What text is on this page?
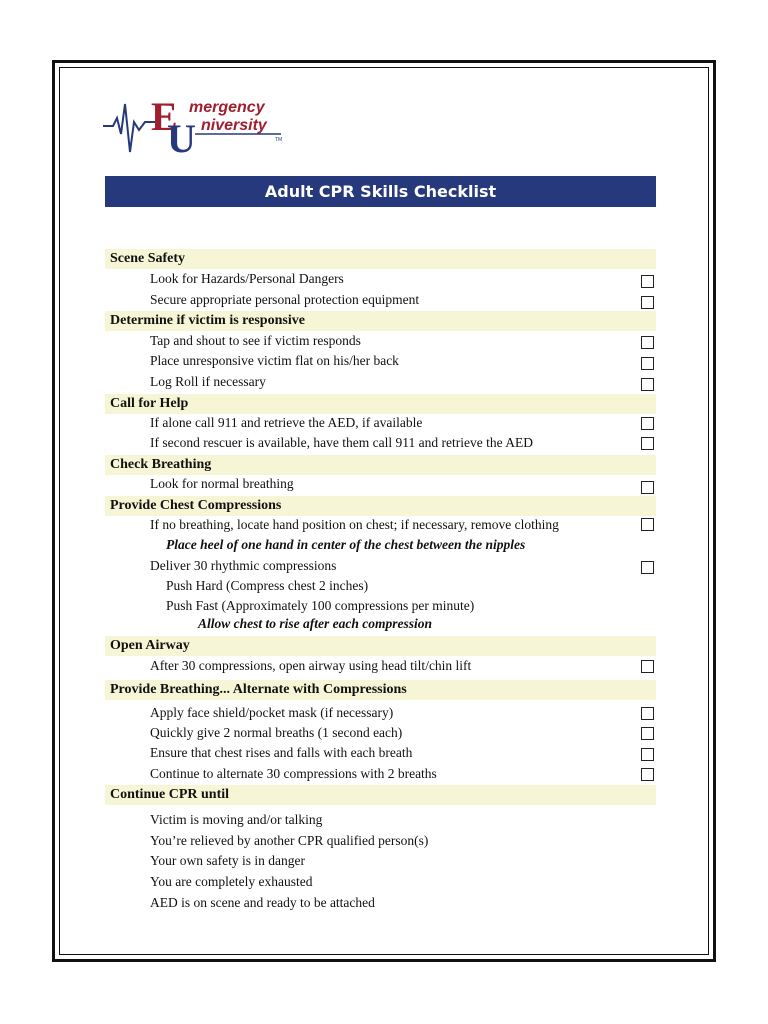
E
U
mergency
niversity
TM
Adult CPR Skills Checklist
Scene Safety
Look for Hazards/Personal Dangers
Secure appropriate personal protection equipment
Determine if victim is responsive
Tap and shout to see if victim responds
Place unresponsive victim flat on his/her back
Log Roll if necessary
Call for Help
If alone call 911 and retrieve the AED, if available
If second rescuer is available, have them call 911 and retrieve the AED
Check Breathing
Look for normal breathing
Provide Chest Compressions
If no breathing, locate hand position on chest; if necessary, remove clothing
Place heel of one hand in center of the chest between the nipples
Deliver 30 rhythmic compressions
Push Hard (Compress chest 2 inches)
Push Fast (Approximately 100 compressions per minute)
Allow chest to rise after each compression
Open Airway
After 30 compressions, open airway using head tilt/chin lift
Provide Breathing... Alternate with Compressions
Apply face shield/pocket mask (if necessary)
Quickly give 2 normal breaths (1 second each)
Ensure that chest rises and falls with each breath
Continue to alternate 30 compressions with 2 breaths
Continue CPR until
Victim is moving and/or talking
You’re relieved by another CPR qualified person(s)
Your own safety is in danger
You are completely exhausted
AED is on scene and ready to be attached
